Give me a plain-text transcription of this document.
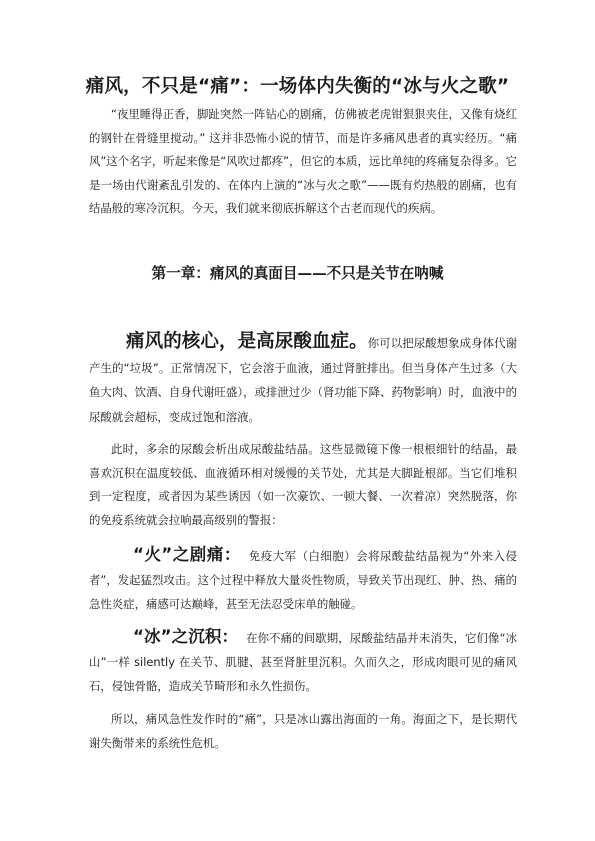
痛风，不只是“痛”：一场体内失衡的“冰与火之歌”

“夜里睡得正香，脚趾突然一阵钻心的剧痛，仿佛被老虎钳狠狠夹住，又像有烧红的钢针在骨缝里搅动。” 这并非恐怖小说的情节，而是许多痛风患者的真实经历。“痛风”这个名字，听起来像是“风吹过都疼”，但它的本质，远比单纯的疼痛复杂得多。它是一场由代谢紊乱引发的、在体内上演的“冰与火之歌”——既有灼热般的剧痛，也有结晶般的寒冷沉积。今天，我们就来彻底拆解这个古老而现代的疾病。

第一章：痛风的真面目——不只是关节在呐喊

痛风的核心，是高尿酸血症。你可以把尿酸想象成身体代谢产生的“垃圾”。正常情况下，它会溶于血液，通过肾脏排出。但当身体产生过多（大鱼大肉、饮酒、自身代谢旺盛），或排泄过少（肾功能下降、药物影响）时，血液中的尿酸就会超标，变成过饱和溶液。

此时，多余的尿酸会析出成尿酸盐结晶。这些显微镜下像一根根细针的结晶，最喜欢沉积在温度较低、血液循环相对缓慢的关节处，尤其是大脚趾根部。当它们堆积到一定程度，或者因为某些诱因（如一次豪饮、一顿大餐、一次着凉）突然脱落，你的免疫系统就会拉响最高级别的警报：

“火”之剧痛： 免疫大军（白细胞）会将尿酸盐结晶视为“外来入侵者”，发起猛烈攻击。这个过程中释放大量炎性物质，导致关节出现红、肿、热、痛的急性炎症，痛感可达巅峰，甚至无法忍受床单的触碰。

“冰”之沉积： 在你不痛的间歇期，尿酸盐结晶并未消失，它们像“冰山”一样 silently 在关节、肌腱、甚至肾脏里沉积。久而久之，形成肉眼可见的痛风石，侵蚀骨骼，造成关节畸形和永久性损伤。

所以，痛风急性发作时的“痛”，只是冰山露出海面的一角。海面之下，是长期代谢失衡带来的系统性危机。
